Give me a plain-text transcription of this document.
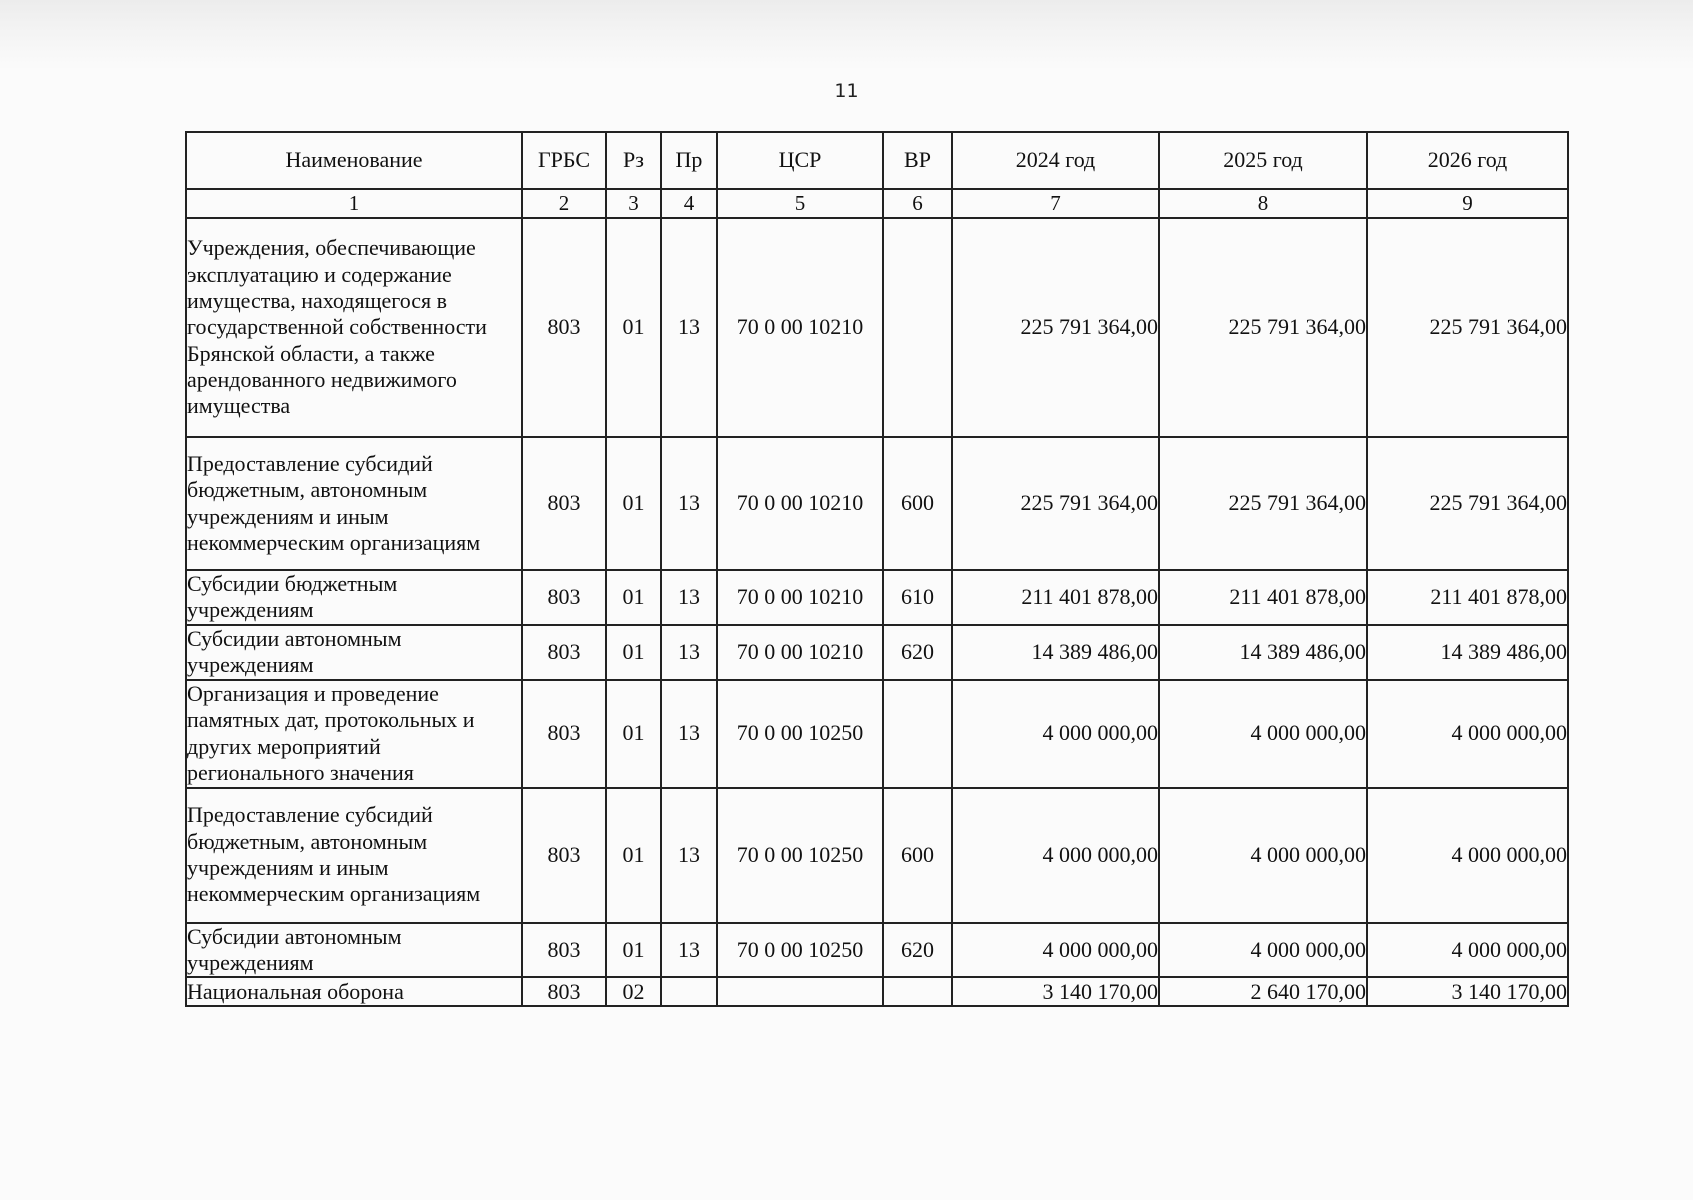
11
Наименование	ГРБС	Рз	Пр	ЦСР	ВР	2024 год	2025 год	2026 год
1	2	3	4	5	6	7	8	9
Учреждения, обеспечивающие эксплуатацию и содержание имущества, находящегося в государственной собственности Брянской области, а также арендованного недвижимого имущества	803	01	13	70 0 00 10210		225 791 364,00	225 791 364,00	225 791 364,00
Предоставление субсидий бюджетным, автономным учреждениям и иным некоммерческим организациям	803	01	13	70 0 00 10210	600	225 791 364,00	225 791 364,00	225 791 364,00
Субсидии бюджетным учреждениям	803	01	13	70 0 00 10210	610	211 401 878,00	211 401 878,00	211 401 878,00
Субсидии автономным учреждениям	803	01	13	70 0 00 10210	620	14 389 486,00	14 389 486,00	14 389 486,00
Организация и проведение памятных дат, протокольных и других мероприятий регионального значения	803	01	13	70 0 00 10250		4 000 000,00	4 000 000,00	4 000 000,00
Предоставление субсидий бюджетным, автономным учреждениям и иным некоммерческим организациям	803	01	13	70 0 00 10250	600	4 000 000,00	4 000 000,00	4 000 000,00
Субсидии автономным учреждениям	803	01	13	70 0 00 10250	620	4 000 000,00	4 000 000,00	4 000 000,00
Национальная оборона	803	02				3 140 170,00	2 640 170,00	3 140 170,00
